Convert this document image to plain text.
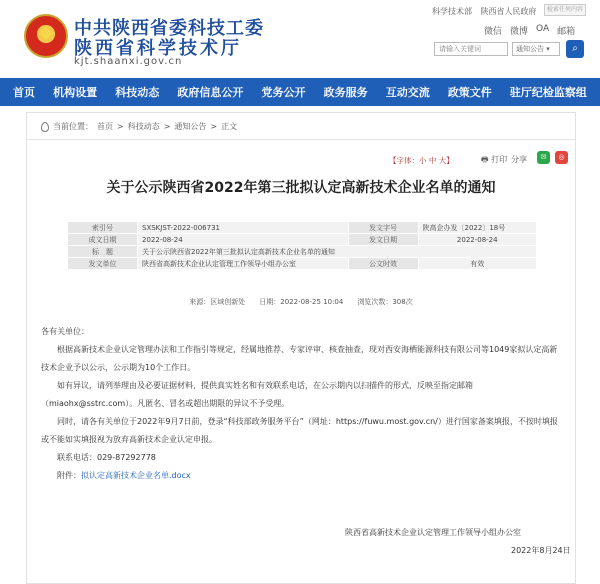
中共陕西省委科技工委
陕西省科学技术厅
kjt.shaanxi.gov.cn
科学技术部 陕西省人民政府	检索任何内容
微信 微博 OA 邮箱
请输入关键词	通知公告 ▾	⌕
首页 机构设置 科技动态 政府信息公开 党务公开 政务服务 互动交流 政策文件 驻厅纪检监察组
当前位置： 首页 > 科技动态 > 通知公告 > 正文
【字体：小 中 大】	🖶 打印 分享	✉	◎
关于公示陕西省2022年第三批拟认定高新技术企业名单的通知
索引号	SXSKJST-2022-006731	发文字号	陕高企办发〔2022〕18号
成文日期	2022-08-24	发文日期	2022-08-24
标　题	关于公示陕西省2022年第三批拟认定高新技术企业名单的通知		
发文单位	陕西省高新技术企业认定管理工作领导小组办公室	公文时效	有效
来源：区域创新处　　日期：2022-08-25 10:04　　浏览次数：308次

各有关单位：

根据高新技术企业认定管理办法和工作指引等规定，经属地推荐、专家评审、核查抽查，现对西安海栖能源科技有限公司等1049家拟认定高新技术企业予以公示，公示期为10个工作日。

如有异议，请列举理由及必要证据材料，提供真实姓名和有效联系电话，在公示期内以扫描件的形式，反映至指定邮箱（miaohx@sstrc.com）。凡匿名、冒名或超出期限的异议不予受理。

同时，请各有关单位于2022年9月7日前，登录“科技部政务服务平台”（网址：https://fuwu.most.gov.cn/）进行国家备案填报，不按时填报或不能如实填报视为放弃高新技术企业认定申报。

联系电话：029-87292778

附件：拟认定高新技术企业名单.docx

陕西省高新技术企业认定管理工作领导小组办公室
2022年8月24日
